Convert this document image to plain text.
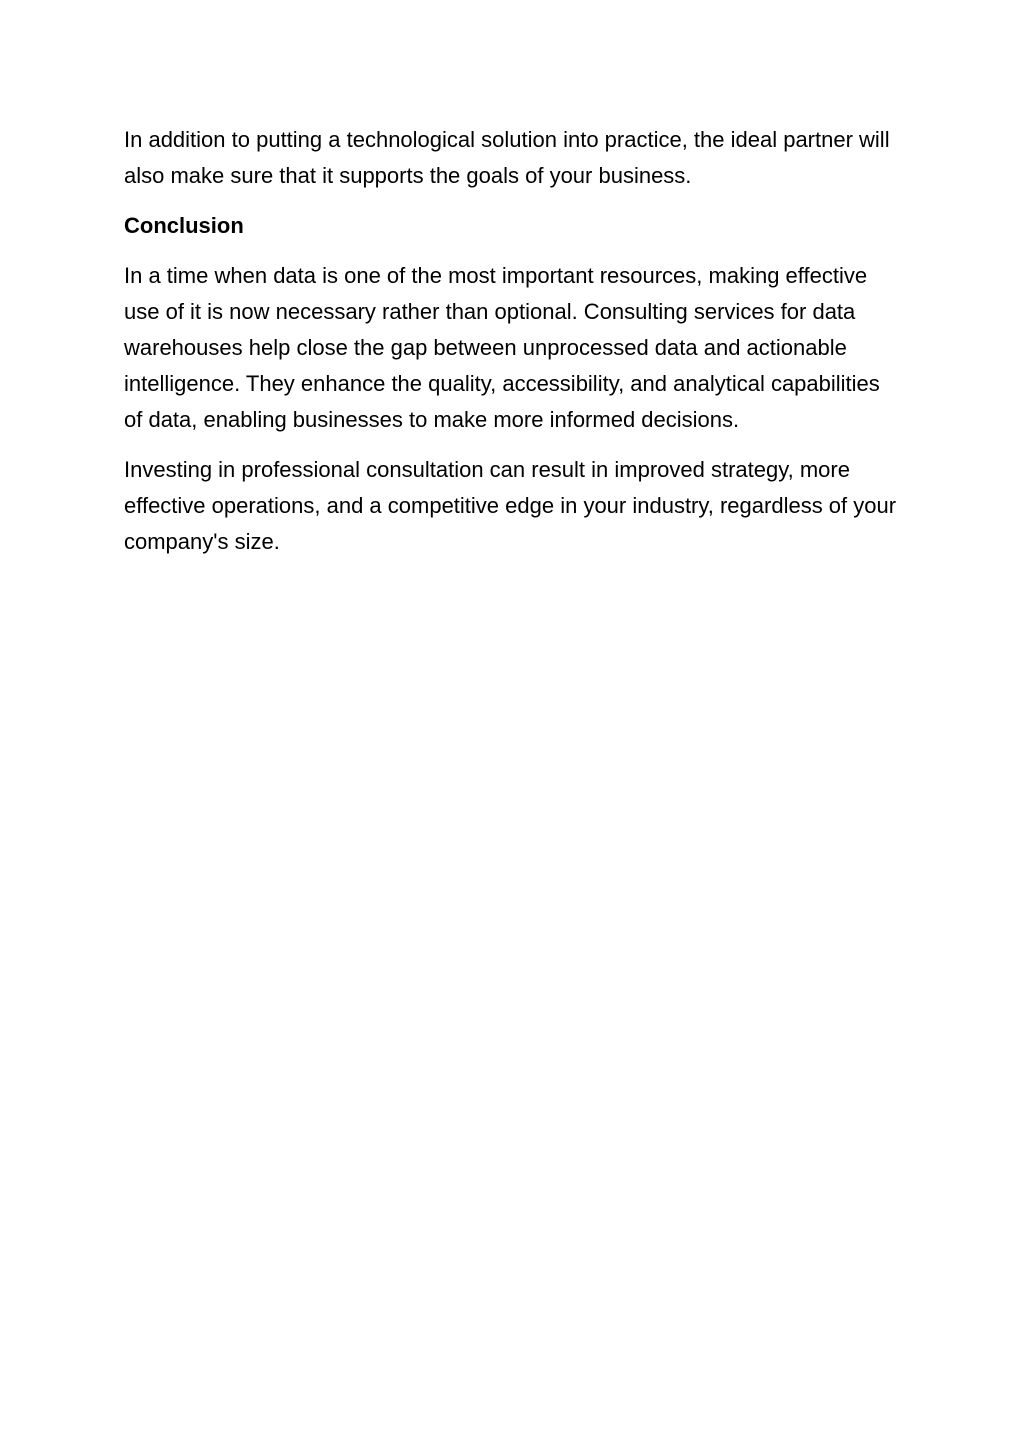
In addition to putting a technological solution into practice, the ideal partner will also make sure that it supports the goals of your business.

Conclusion

In a time when data is one of the most important resources, making effective use of it is now necessary rather than optional. Consulting services for data warehouses help close the gap between unprocessed data and actionable intelligence. They enhance the quality, accessibility, and analytical capabilities of data, enabling businesses to make more informed decisions.

Investing in professional consultation can result in improved strategy, more effective operations, and a competitive edge in your industry, regardless of your company's size.
